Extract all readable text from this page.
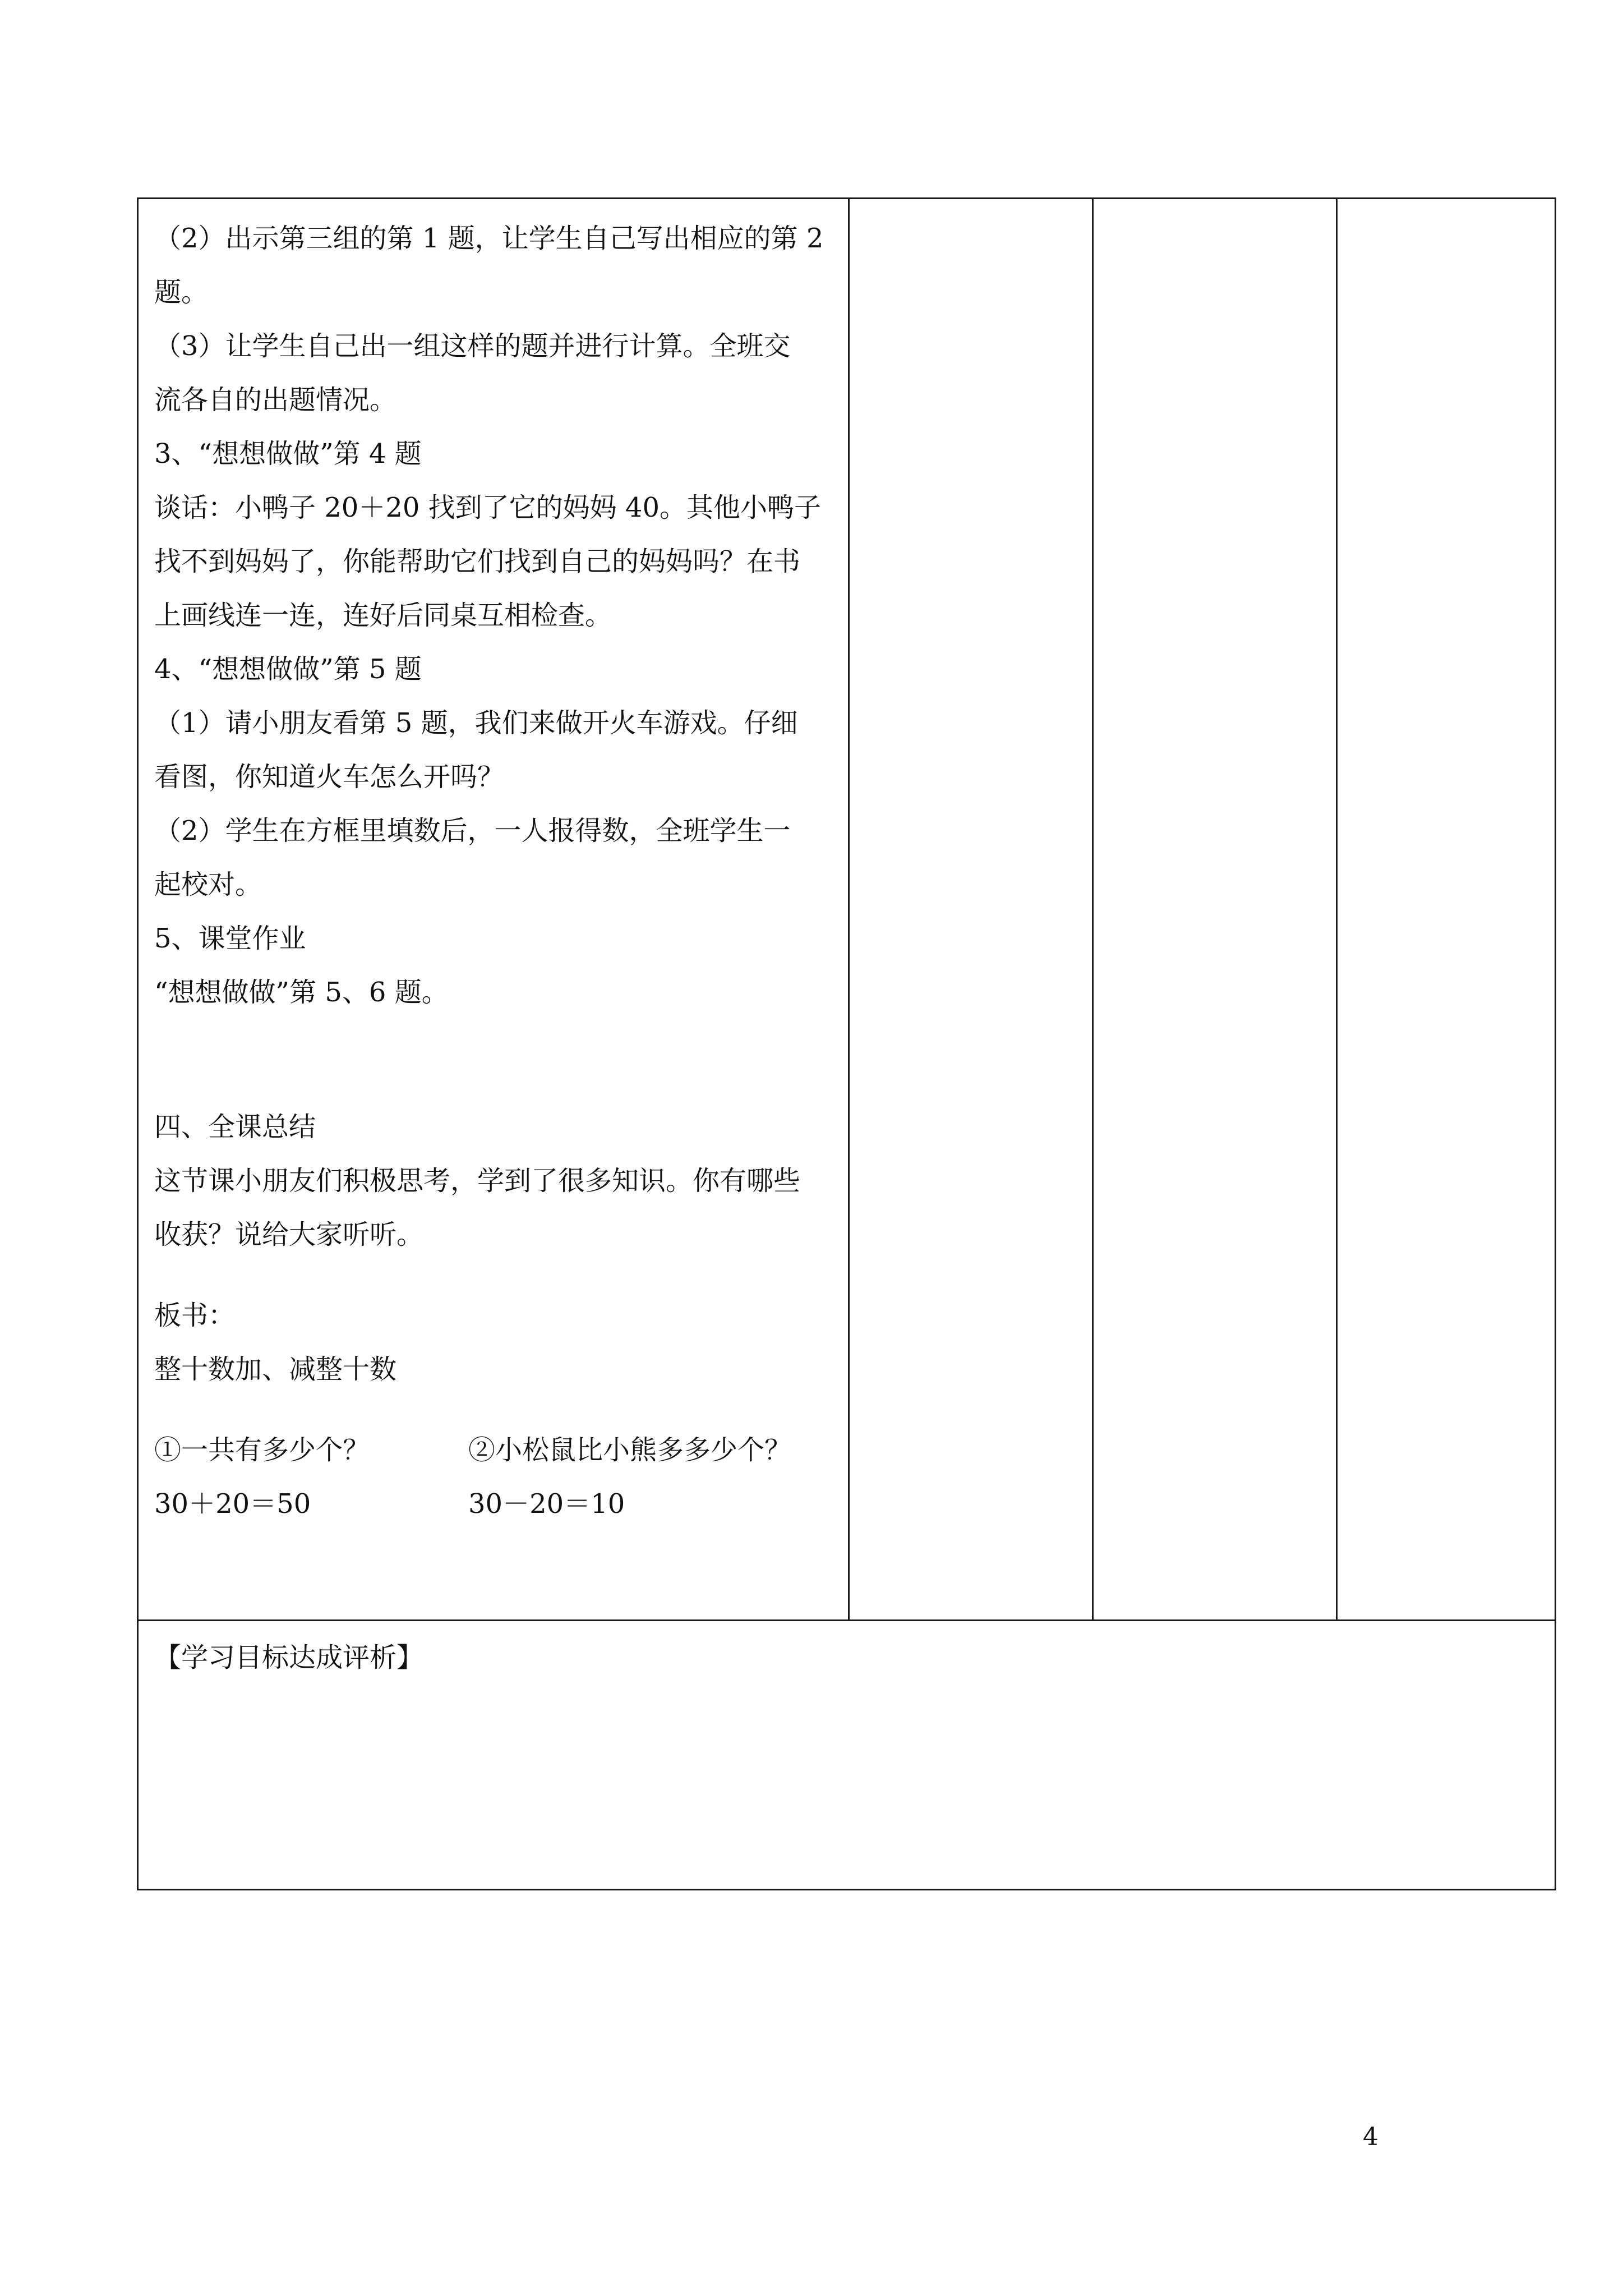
（2）出示第三组的第 1 题，让学生自己写出相应的第 2
题。
（3）让学生自己出一组这样的题并进行计算。全班交
流各自的出题情况。
3、“想想做做”第 4 题
谈话：小鸭子 20＋20 找到了它的妈妈 40。其他小鸭子
找不到妈妈了，你能帮助它们找到自己的妈妈吗？在书
上画线连一连，连好后同桌互相检查。
4、“想想做做”第 5 题
（1）请小朋友看第 5 题，我们来做开火车游戏。仔细
看图，你知道火车怎么开吗？
（2）学生在方框里填数后，一人报得数，全班学生一
起校对。
5、课堂作业
“想想做做”第 5、6 题。
四、全课总结
这节课小朋友们积极思考，学到了很多知识。你有哪些
收获？说给大家听听。
板书：
整十数加、减整十数
①一共有多少个？	②小松鼠比小熊多多少个？
30＋20＝50	30－20＝10
【学习目标达成评析】
4
